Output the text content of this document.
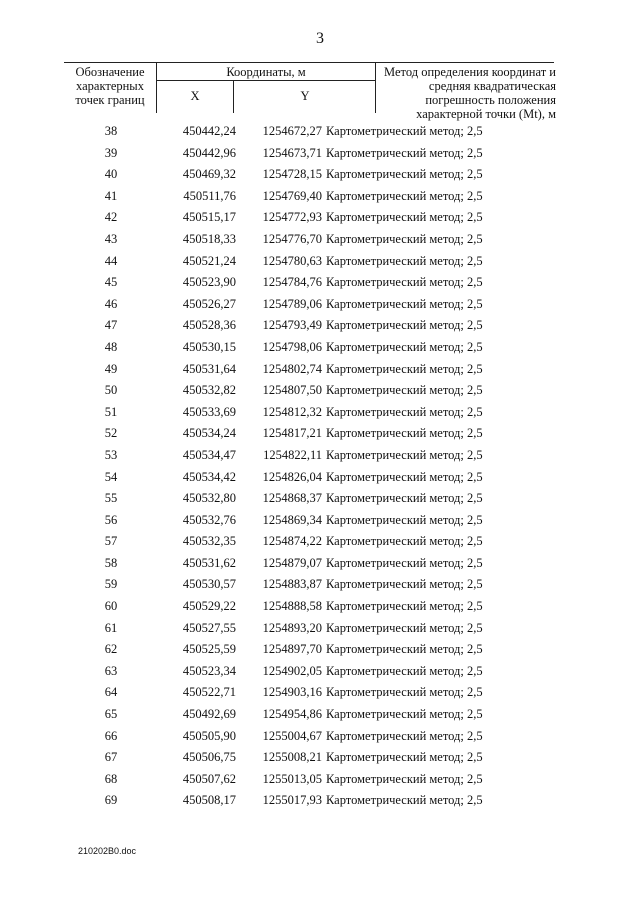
3
Обозначение характерных точек границ
Координаты, м
X	Y
Метод определения координат и средняя квадратическая погрешность положения характерной точки (Mt), м
38	450442,24	1254672,27 Картометрический метод; 2,5
39	450442,96	1254673,71 Картометрический метод; 2,5
40	450469,32	1254728,15 Картометрический метод; 2,5
41	450511,76	1254769,40 Картометрический метод; 2,5
42	450515,17	1254772,93 Картометрический метод; 2,5
43	450518,33	1254776,70 Картометрический метод; 2,5
44	450521,24	1254780,63 Картометрический метод; 2,5
45	450523,90	1254784,76 Картометрический метод; 2,5
46	450526,27	1254789,06 Картометрический метод; 2,5
47	450528,36	1254793,49 Картометрический метод; 2,5
48	450530,15	1254798,06 Картометрический метод; 2,5
49	450531,64	1254802,74 Картометрический метод; 2,5
50	450532,82	1254807,50 Картометрический метод; 2,5
51	450533,69	1254812,32 Картометрический метод; 2,5
52	450534,24	1254817,21 Картометрический метод; 2,5
53	450534,47	1254822,11 Картометрический метод; 2,5
54	450534,42	1254826,04 Картометрический метод; 2,5
55	450532,80	1254868,37 Картометрический метод; 2,5
56	450532,76	1254869,34 Картометрический метод; 2,5
57	450532,35	1254874,22 Картометрический метод; 2,5
58	450531,62	1254879,07 Картометрический метод; 2,5
59	450530,57	1254883,87 Картометрический метод; 2,5
60	450529,22	1254888,58 Картометрический метод; 2,5
61	450527,55	1254893,20 Картометрический метод; 2,5
62	450525,59	1254897,70 Картометрический метод; 2,5
63	450523,34	1254902,05 Картометрический метод; 2,5
64	450522,71	1254903,16 Картометрический метод; 2,5
65	450492,69	1254954,86 Картометрический метод; 2,5
66	450505,90	1255004,67 Картометрический метод; 2,5
67	450506,75	1255008,21 Картометрический метод; 2,5
68	450507,62	1255013,05 Картометрический метод; 2,5
69	450508,17	1255017,93 Картометрический метод; 2,5
210202B0.doc
